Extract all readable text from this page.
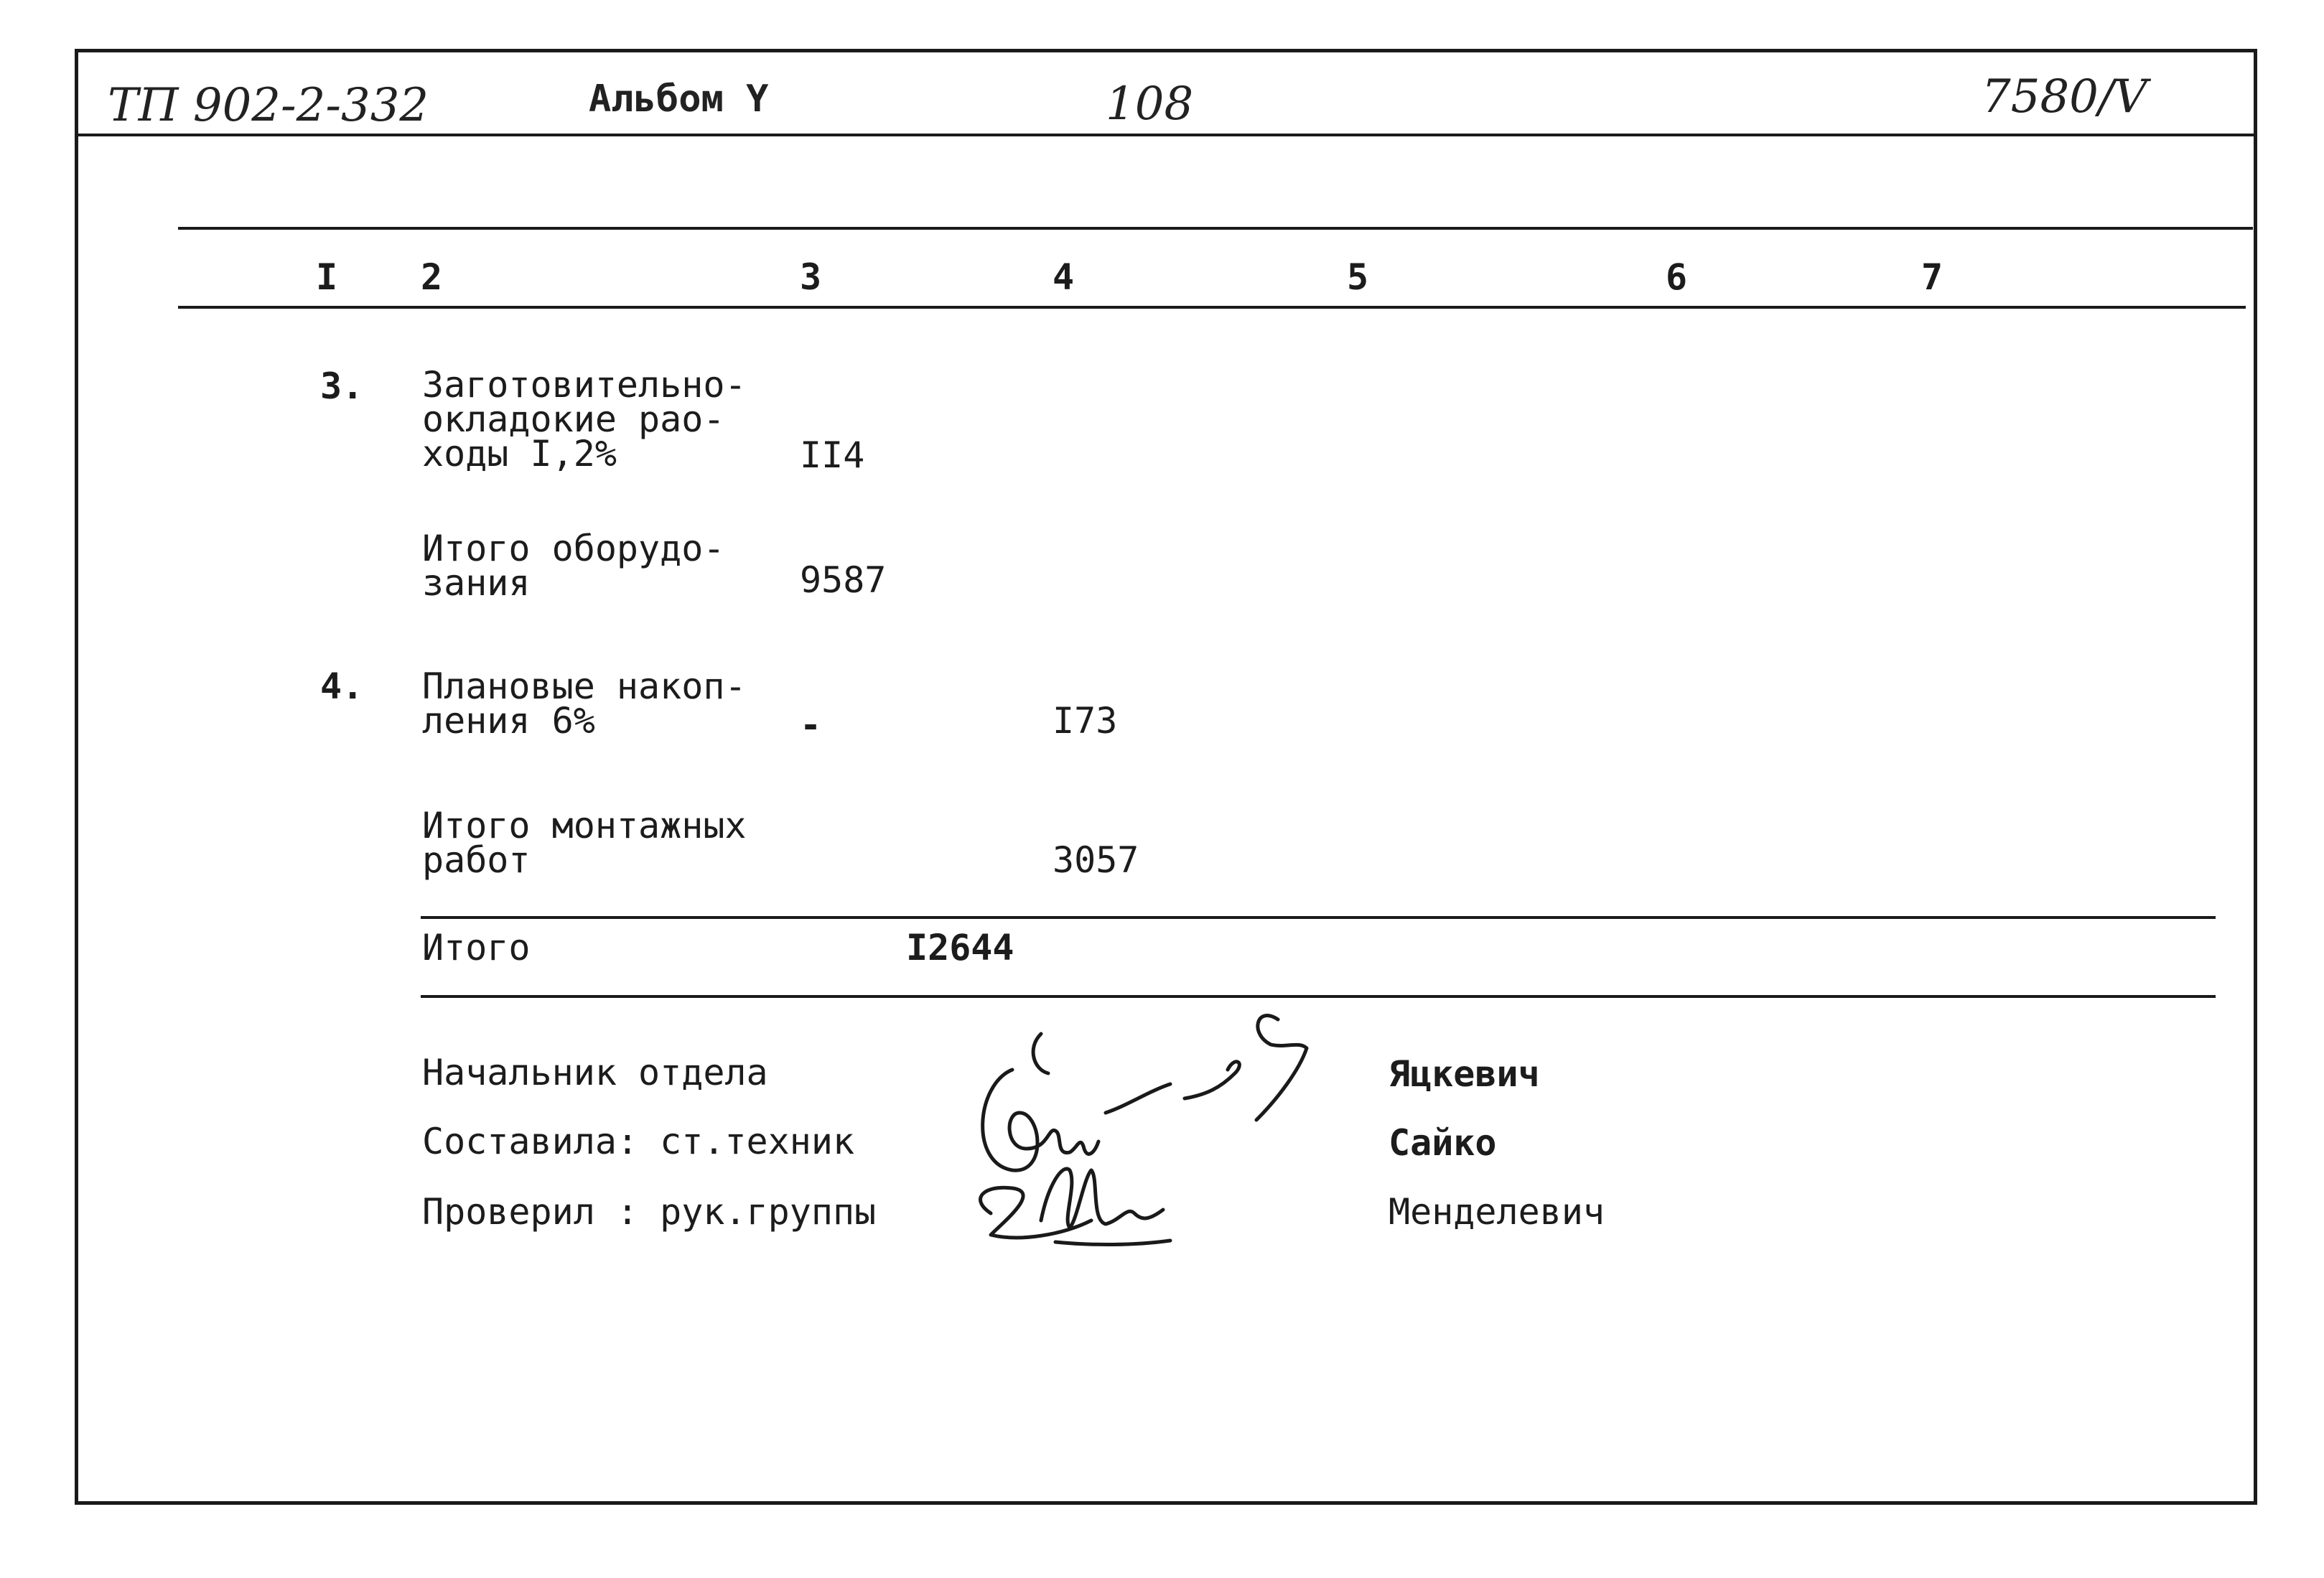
ТП 902-2-332	Альбом Y	108	7580/V
I 2	3	4	5	6	7
3. Заготовительно-
окладокие рао-
ходы I,2%	II4
Итого оборудо-
зания	9587
4. Плановые накоп-
ления 6%	-	I73
Итого монтажных
работ	3057
Итого	I2644
Начальник отдела	Яцкевич
Составила: ст.техник	Сайко
Проверил : рук.группы	Менделевич
